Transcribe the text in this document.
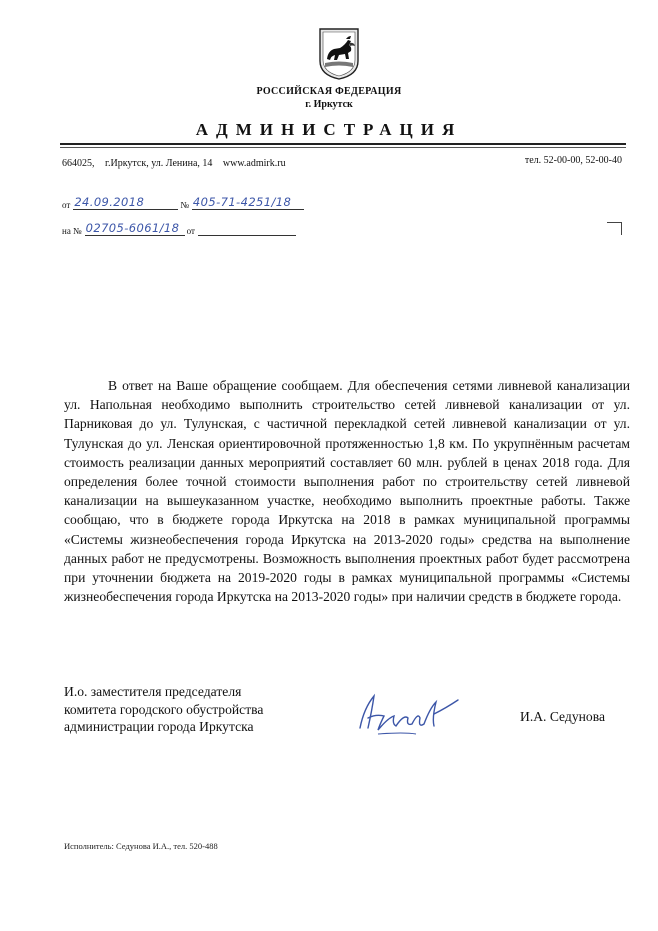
РОССИЙСКАЯ ФЕДЕРАЦИЯ
г. Иркутск
АДМИНИСТРАЦИЯ
664025, г.Иркутск, ул. Ленина, 14 www.admirk.ru	тел. 52-00-00, 52-00-40
от 24.09.2018	№ 405-71-4251/18
на № 02705-6061/18 от

В ответ на Ваше обращение сообщаем. Для обеспечения сетями ливневой канализации ул. Напольная необходимо выполнить строительство сетей ливневой канализации от ул. Парниковая до ул. Тулунская, с частичной перекладкой сетей ливневой канализации от ул. Тулунская до ул. Ленская ориентировочной протяженностью 1,8 км. По укрупнённым расчетам стоимость реализации данных мероприятий составляет 60 млн. рублей в ценах 2018 года. Для определения более точной стоимости выполнения работ по строительству сетей ливневой канализации на вышеуказанном участке, необходимо выполнить проектные работы. Также сообщаю, что в бюджете города Иркутска на 2018 в рамках муниципальной программы «Системы жизнеобеспечения города Иркутска на 2013-2020 годы» средства на выполнение данных работ не предусмотрены. Возможность выполнения проектных работ будет рассмотрена при уточнении бюджета на 2019-2020 годы в рамках муниципальной программы «Системы жизнеобеспечения города Иркутска на 2013-2020 годы» при наличии средств в бюджете города.

И.о. заместителя председателя
комитета городского обустройства
администрации города Иркутска
И.А. Седунова
Исполнитель: Седунова И.А., тел. 520-488
